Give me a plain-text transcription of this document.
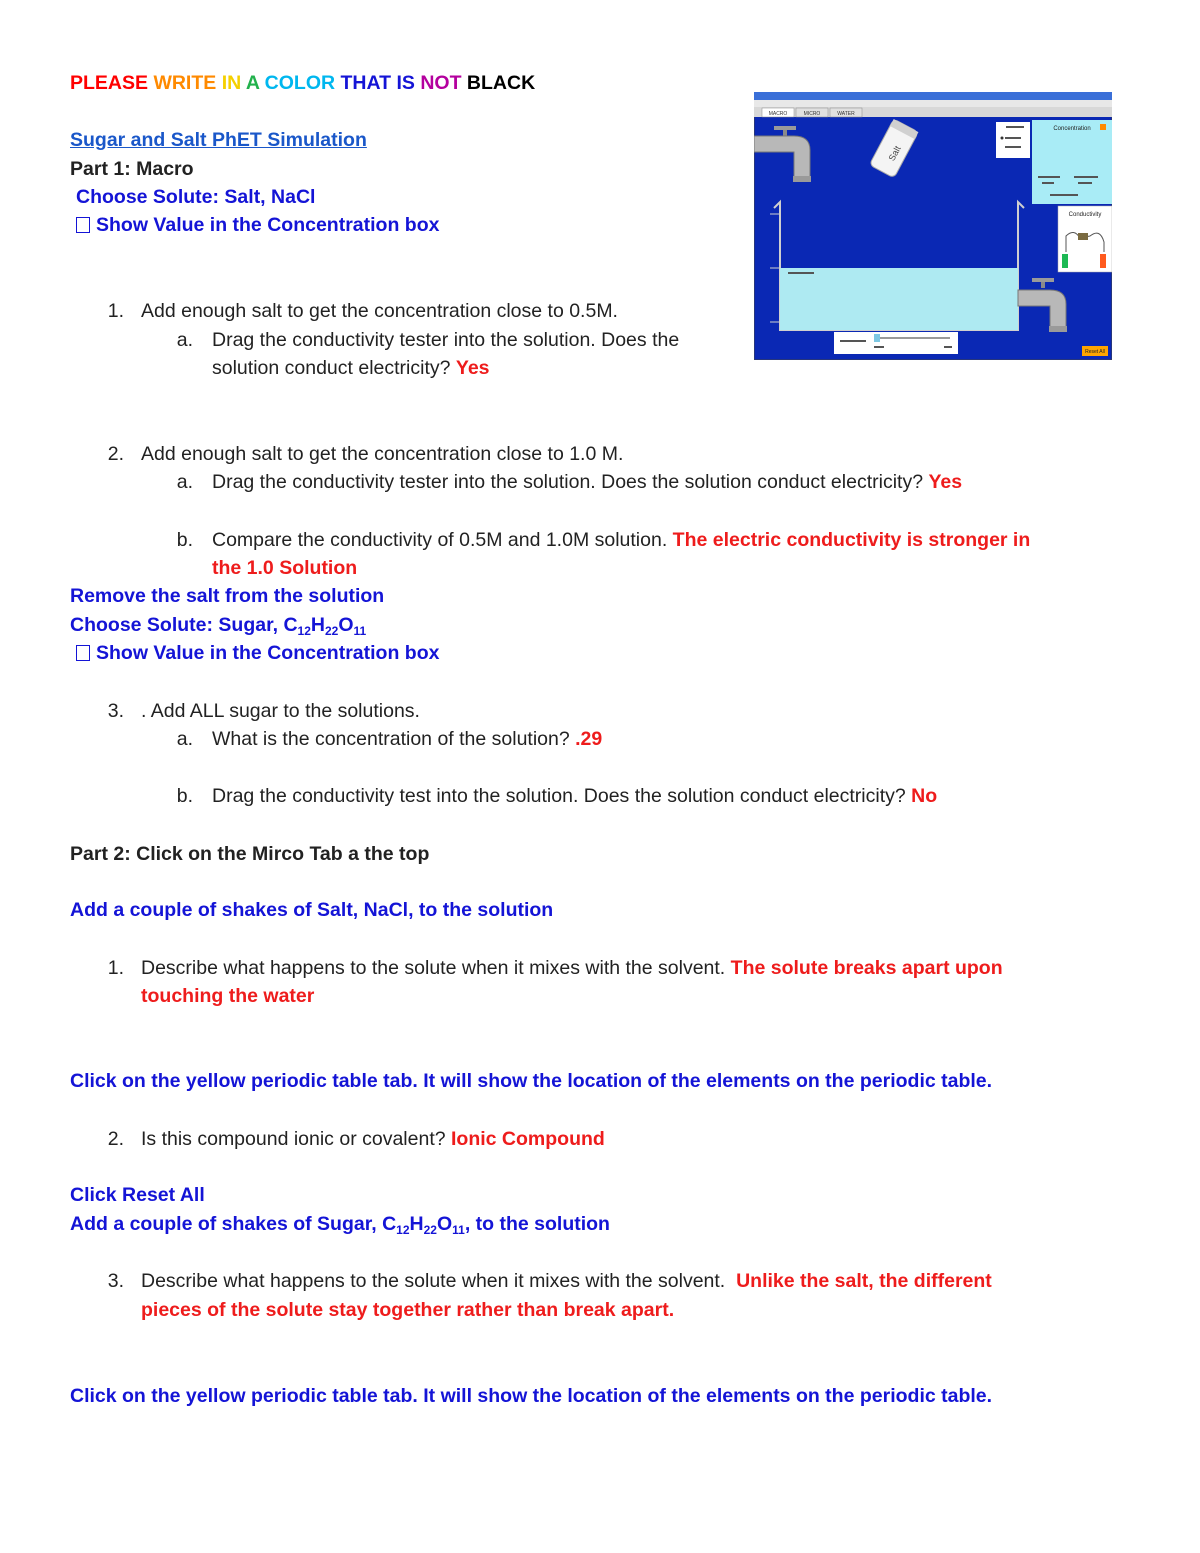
PLEASE WRITE IN A COLOR THAT IS NOT BLACK
Sugar and Salt PhET Simulation
Part 1: Macro
Choose Solute: Salt, NaCl
Show Value in the Concentration box
1. Add enough salt to get the concentration close to 0.5M.
a. Drag the conductivity tester into the solution. Does the
solution conduct electricity? Yes
2. Add enough salt to get the concentration close to 1.0 M.
a. Drag the conductivity tester into the solution. Does the solution conduct electricity? Yes
b. Compare the conductivity of 0.5M and 1.0M solution. The electric conductivity is stronger in
the 1.0 Solution
Remove the salt from the solution
Choose Solute: Sugar, $C_{12}H_{22}O_{11}$
Show Value in the Concentration box
3. . Add ALL sugar to the solutions.
a. What is the concentration of the solution? .29
b. Drag the conductivity test into the solution. Does the solution conduct electricity? No
Part 2: Click on the Mirco Tab a the top
Add a couple of shakes of Salt, NaCl, to the solution
1. Describe what happens to the solute when it mixes with the solvent. The solute breaks apart upon
touching the water
Click on the yellow periodic table tab. It will show the location of the elements on the periodic table.
2. Is this compound ionic or covalent? Ionic Compound
Click Reset All
Add a couple of shakes of Sugar, $C_{12}H_{22}O_{11}$, to the solution
3. Describe what happens to the solute when it mixes with the solvent. Unlike the salt, the different
pieces of the solute stay together rather than break apart.
Click on the yellow periodic table tab. It will show the location of the elements on the periodic table.
MACRO	MICRO	WATER
Salt
Concentration
Conductivity
Reset All
